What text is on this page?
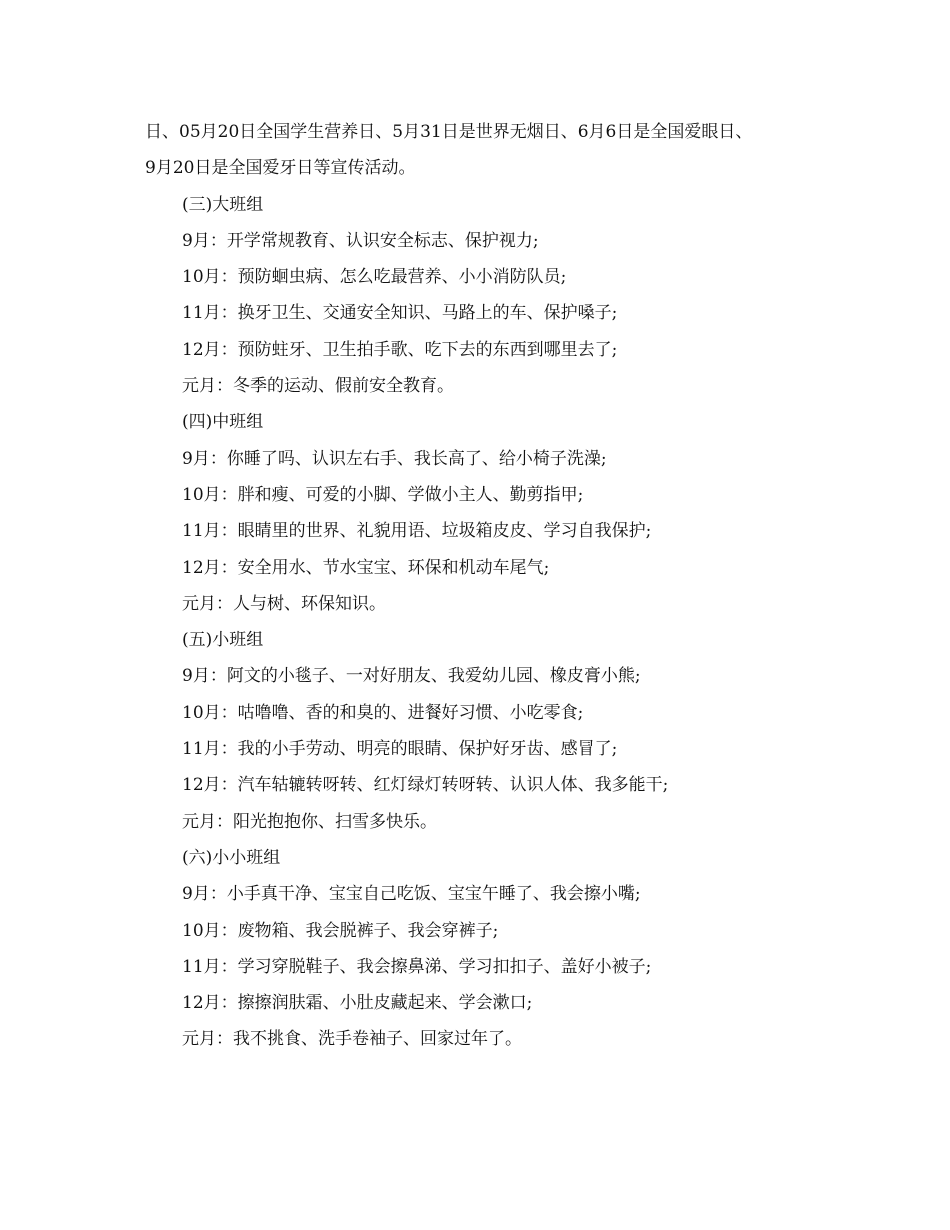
日、05月20日全国学生营养日、5月31日是世界无烟日、6月6日是全国爱眼日、
9月20日是全国爱牙日等宣传活动。
(三)大班组
9月：开学常规教育、认识安全标志、保护视力;
10月：预防蛔虫病、怎么吃最营养、小小消防队员;
11月：换牙卫生、交通安全知识、马路上的车、保护嗓子;
12月：预防蛀牙、卫生拍手歌、吃下去的东西到哪里去了;
元月：冬季的运动、假前安全教育。
(四)中班组
9月：你睡了吗、认识左右手、我长高了、给小椅子洗澡;
10月：胖和瘦、可爱的小脚、学做小主人、勤剪指甲;
11月：眼睛里的世界、礼貌用语、垃圾箱皮皮、学习自我保护;
12月：安全用水、节水宝宝、环保和机动车尾气;
元月：人与树、环保知识。
(五)小班组
9月：阿文的小毯子、一对好朋友、我爱幼儿园、橡皮膏小熊;
10月：咕噜噜、香的和臭的、进餐好习惯、小吃零食;
11月：我的小手劳动、明亮的眼睛、保护好牙齿、感冒了;
12月：汽车轱辘转呀转、红灯绿灯转呀转、认识人体、我多能干;
元月：阳光抱抱你、扫雪多快乐。
(六)小小班组
9月：小手真干净、宝宝自己吃饭、宝宝午睡了、我会擦小嘴;
10月：废物箱、我会脱裤子、我会穿裤子;
11月：学习穿脱鞋子、我会擦鼻涕、学习扣扣子、盖好小被子;
12月：擦擦润肤霜、小肚皮藏起来、学会漱口;
元月：我不挑食、洗手卷袖子、回家过年了。
